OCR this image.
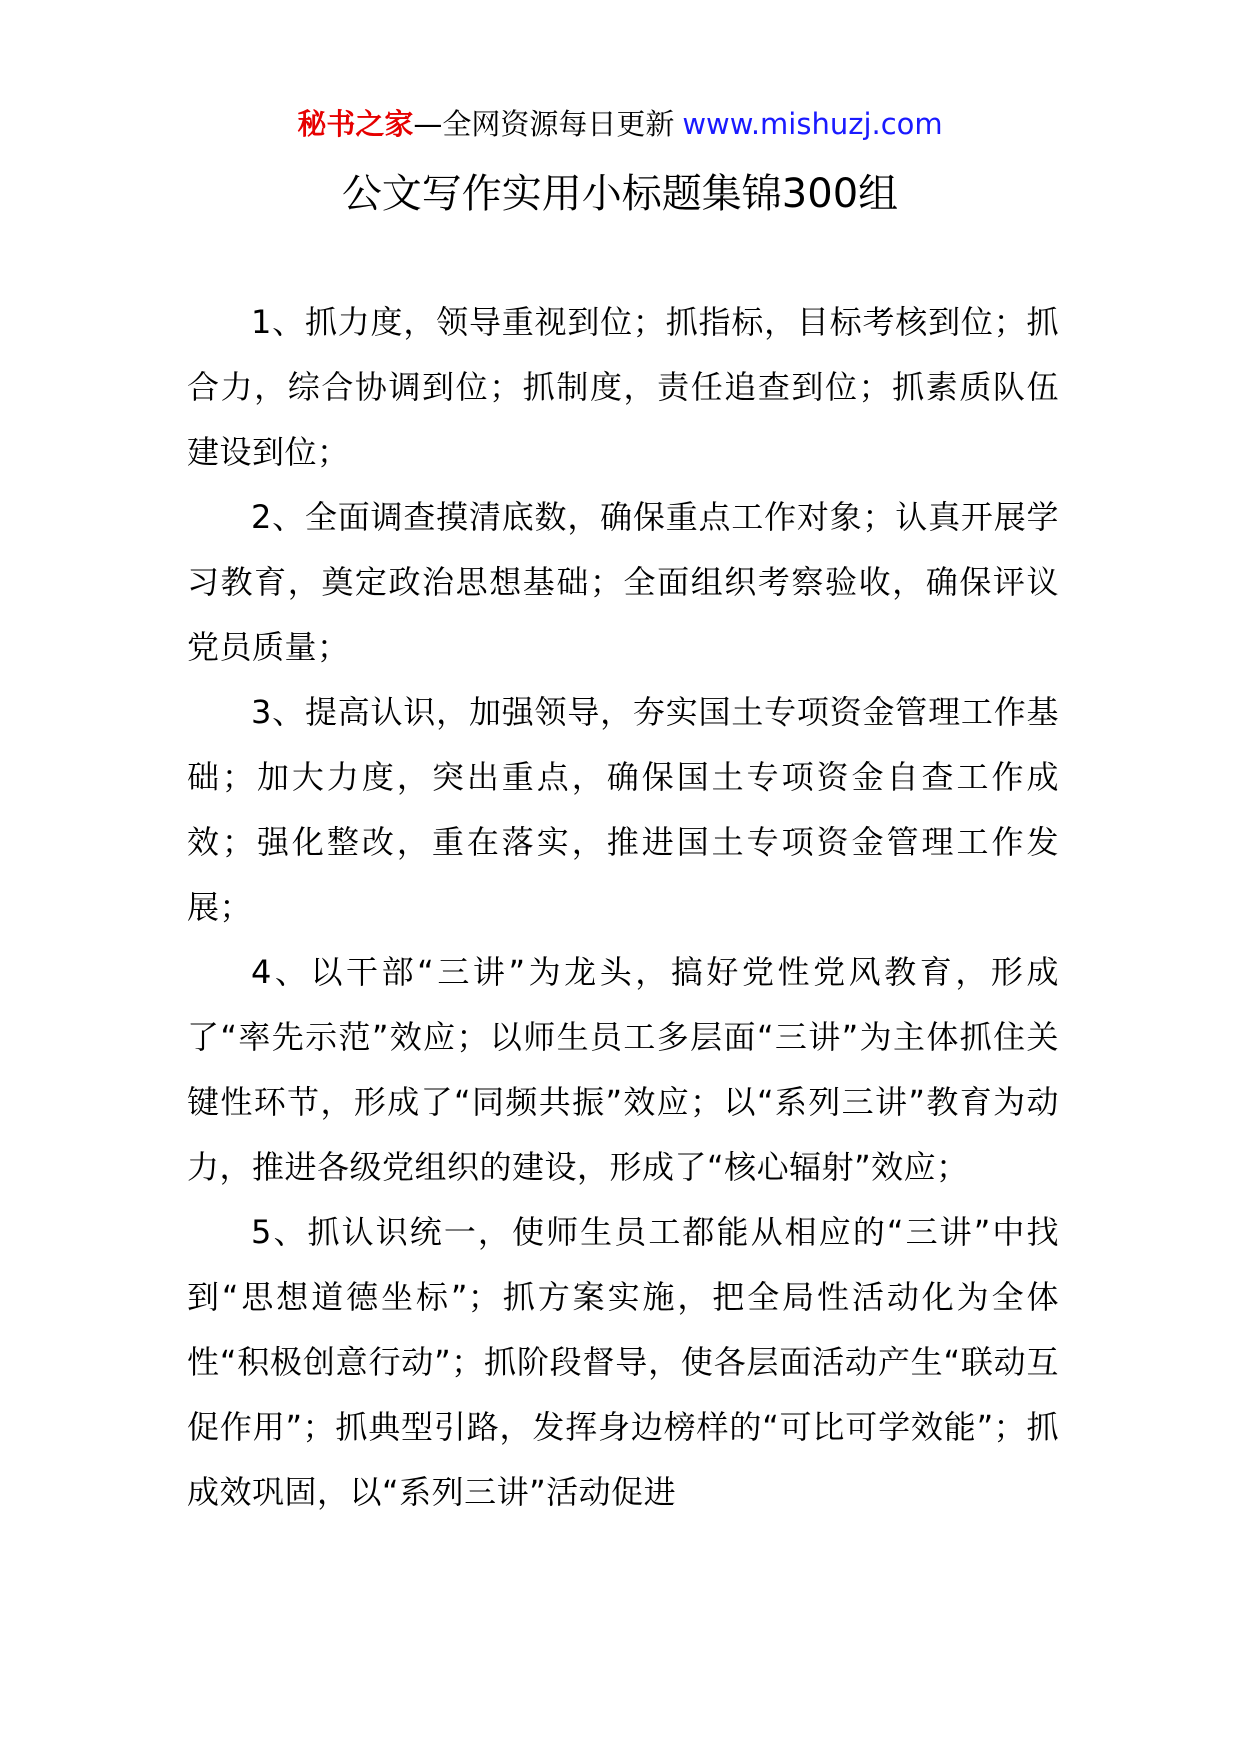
秘书之家—全网资源每日更新 www.mishuzj.com
公文写作实用小标题集锦300组

1、抓力度，领导重视到位；抓指标，目标考核到位；抓合力，综合协调到位；抓制度，责任追查到位；抓素质队伍建设到位；

2、全面调查摸清底数，确保重点工作对象；认真开展学习教育，奠定政治思想基础；全面组织考察验收，确保评议党员质量；

3、提高认识，加强领导，夯实国土专项资金管理工作基础；加大力度，突出重点，确保国土专项资金自查工作成效；强化整改，重在落实，推进国土专项资金管理工作发展；

4、以干部“三讲”为龙头，搞好党性党风教育，形成了“率先示范”效应；以师生员工多层面“三讲”为主体抓住关键性环节，形成了“同频共振”效应；以“系列三讲”教育为动力，推进各级党组织的建设，形成了“核心辐射”效应；

5、抓认识统一，使师生员工都能从相应的“三讲”中找到“思想道德坐标”；抓方案实施，把全局性活动化为全体性“积极创意行动”；抓阶段督导，使各层面活动产生“联动互促作用”；抓典型引路，发挥身边榜样的“可比可学效能”；抓成效巩固，以“系列三讲”活动促进
